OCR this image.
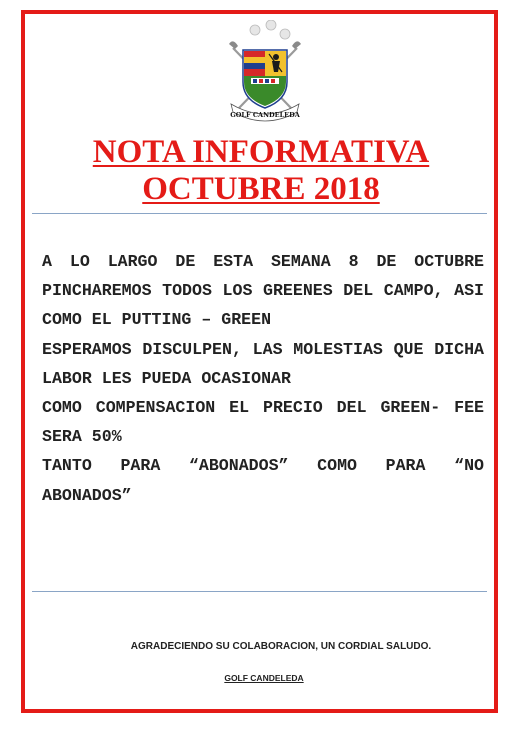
GOLF CANDELEDA
NOTA INFORMATIVA
OCTUBRE 2018

A LO LARGO DE ESTA SEMANA 8 DE OCTUBRE PINCHAREMOS TODOS LOS GREENES DEL CAMPO, ASI COMO EL PUTTING – GREEN

ESPERAMOS DISCULPEN, LAS MOLESTIAS QUE DICHA LABOR LES PUEDA OCASIONAR

COMO COMPENSACION EL PRECIO DEL GREEN- FEE SERA 50%

TANTO PARA “ABONADOS” COMO PARA “NO ABONADOS”

AGRADECIENDO SU COLABORACION, UN CORDIAL SALUDO.
GOLF CANDELEDA
